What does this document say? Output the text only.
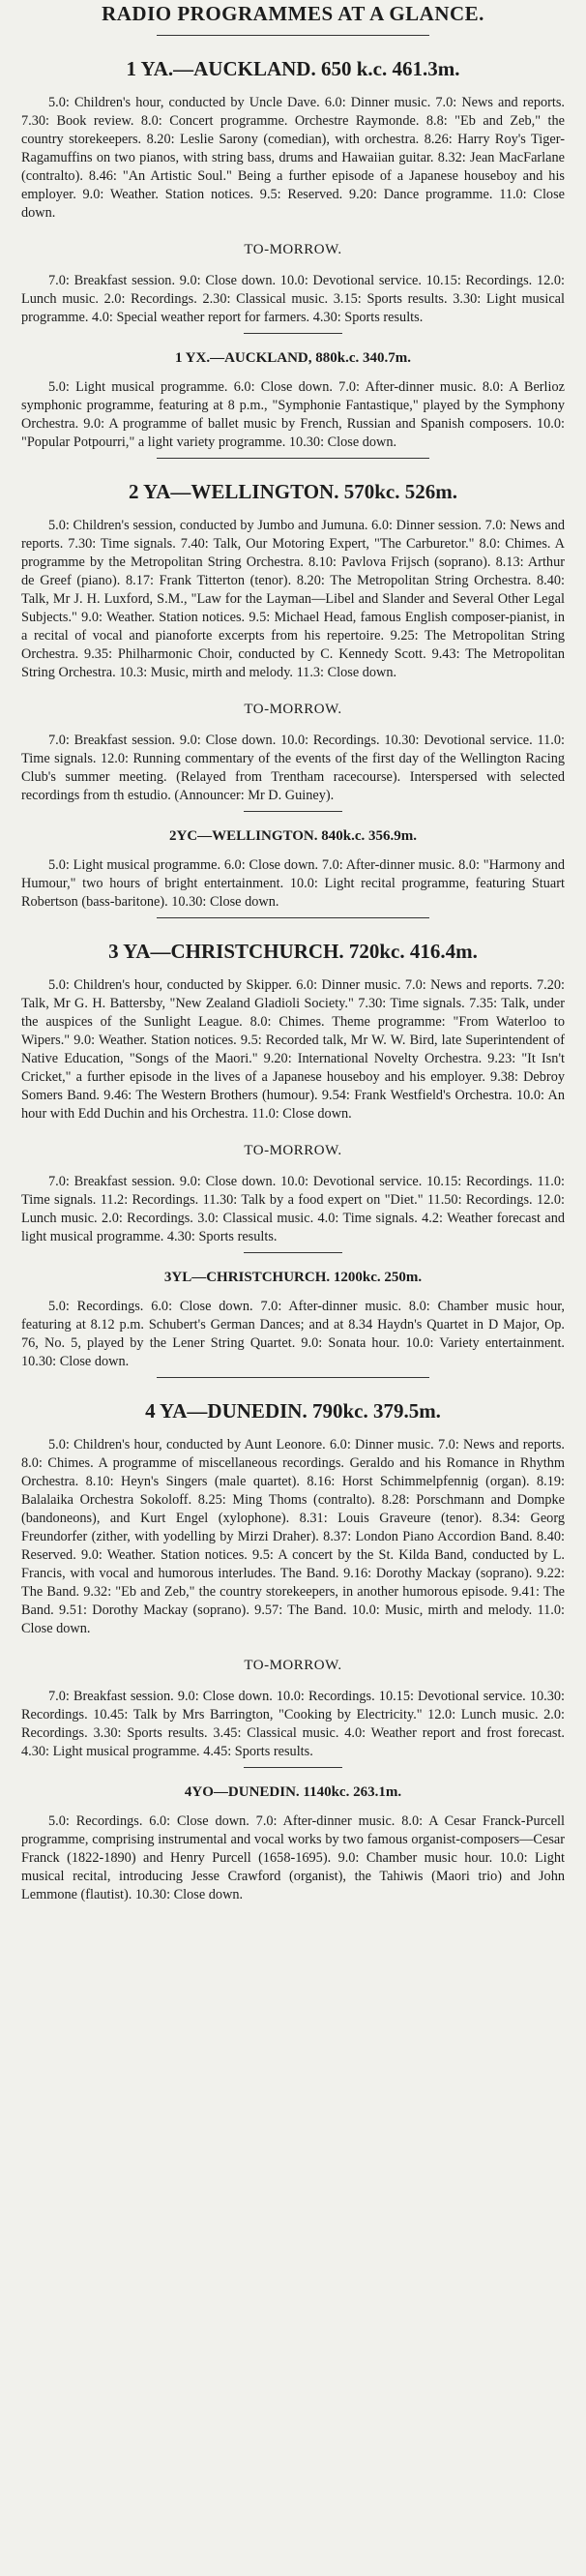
RADIO PROGRAMMES AT A GLANCE.
1 YA.—AUCKLAND. 650 k.c. 461.3m.

5.0: Children's hour, conducted by Uncle Dave. 6.0: Dinner music. 7.0: News and reports. 7.30: Book review. 8.0: Concert programme. Orchestre Raymonde. 8.8: "Eb and Zeb," the country storekeepers. 8.20: Leslie Sarony (comedian), with orchestra. 8.26: Harry Roy's Tiger-Ragamuffins on two pianos, with string bass, drums and Hawaiian guitar. 8.32: Jean MacFarlane (contralto). 8.46: "An Artistic Soul." Being a further episode of a Japanese houseboy and his employer. 9.0: Weather. Station notices. 9.5: Reserved. 9.20: Dance programme. 11.0: Close down.

TO-MORROW.

7.0: Breakfast session. 9.0: Close down. 10.0: Devotional service. 10.15: Recordings. 12.0: Lunch music. 2.0: Recordings. 2.30: Classical music. 3.15: Sports results. 3.30: Light musical programme. 4.0: Special weather report for farmers. 4.30: Sports results.

1 YX.—AUCKLAND, 880k.c. 340.7m.

5.0: Light musical programme. 6.0: Close down. 7.0: After-dinner music. 8.0: A Berlioz symphonic programme, featuring at 8 p.m., "Symphonie Fantastique," played by the Symphony Orchestra. 9.0: A programme of ballet music by French, Russian and Spanish composers. 10.0: "Popular Potpourri," a light variety programme. 10.30: Close down.

2 YA—WELLINGTON. 570kc. 526m.

5.0: Children's session, conducted by Jumbo and Jumuna. 6.0: Dinner session. 7.0: News and reports. 7.30: Time signals. 7.40: Talk, Our Motoring Expert, "The Carburetor." 8.0: Chimes. A programme by the Metropolitan String Orchestra. 8.10: Pavlova Frijsch (soprano). 8.13: Arthur de Greef (piano). 8.17: Frank Titterton (tenor). 8.20: The Metropolitan String Orchestra. 8.40: Talk, Mr J. H. Luxford, S.M., "Law for the Layman—Libel and Slander and Several Other Legal Subjects." 9.0: Weather. Station notices. 9.5: Michael Head, famous English composer-pianist, in a recital of vocal and pianoforte excerpts from his repertoire. 9.25: The Metropolitan String Orchestra. 9.35: Philharmonic Choir, conducted by C. Kennedy Scott. 9.43: The Metropolitan String Orchestra. 10.3: Music, mirth and melody. 11.3: Close down.

TO-MORROW.

7.0: Breakfast session. 9.0: Close down. 10.0: Recordings. 10.30: Devotional service. 11.0: Time signals. 12.0: Running commentary of the events of the first day of the Wellington Racing Club's summer meeting. (Relayed from Trentham racecourse). Interspersed with selected recordings from th estudio. (Announcer: Mr D. Guiney).

2YC—WELLINGTON. 840k.c. 356.9m.

5.0: Light musical programme. 6.0: Close down. 7.0: After-dinner music. 8.0: "Harmony and Humour," two hours of bright entertainment. 10.0: Light recital programme, featuring Stuart Robertson (bass-baritone). 10.30: Close down.

3 YA—CHRISTCHURCH. 720kc. 416.4m.

5.0: Children's hour, conducted by Skipper. 6.0: Dinner music. 7.0: News and reports. 7.20: Talk, Mr G. H. Battersby, "New Zealand Gladioli Society." 7.30: Time signals. 7.35: Talk, under the auspices of the Sunlight League. 8.0: Chimes. Theme programme: "From Waterloo to Wipers." 9.0: Weather. Station notices. 9.5: Recorded talk, Mr W. W. Bird, late Superintendent of Native Education, "Songs of the Maori." 9.20: International Novelty Orchestra. 9.23: "It Isn't Cricket," a further episode in the lives of a Japanese houseboy and his employer. 9.38: Debroy Somers Band. 9.46: The Western Brothers (humour). 9.54: Frank Westfield's Orchestra. 10.0: An hour with Edd Duchin and his Orchestra. 11.0: Close down.

TO-MORROW.

7.0: Breakfast session. 9.0: Close down. 10.0: Devotional service. 10.15: Recordings. 11.0: Time signals. 11.2: Recordings. 11.30: Talk by a food expert on "Diet." 11.50: Recordings. 12.0: Lunch music. 2.0: Recordings. 3.0: Classical music. 4.0: Time signals. 4.2: Weather forecast and light musical programme. 4.30: Sports results.

3YL—CHRISTCHURCH. 1200kc. 250m.

5.0: Recordings. 6.0: Close down. 7.0: After-dinner music. 8.0: Chamber music hour, featuring at 8.12 p.m. Schubert's German Dances; and at 8.34 Haydn's Quartet in D Major, Op. 76, No. 5, played by the Lener String Quartet. 9.0: Sonata hour. 10.0: Variety entertainment. 10.30: Close down.

4 YA—DUNEDIN. 790kc. 379.5m.

5.0: Children's hour, conducted by Aunt Leonore. 6.0: Dinner music. 7.0: News and reports. 8.0: Chimes. A programme of miscellaneous recordings. Geraldo and his Romance in Rhythm Orchestra. 8.10: Heyn's Singers (male quartet). 8.16: Horst Schimmelpfennig (organ). 8.19: Balalaika Orchestra Sokoloff. 8.25: Ming Thoms (contralto). 8.28: Porschmann and Dompke (bandoneons), and Kurt Engel (xylophone). 8.31: Louis Graveure (tenor). 8.34: Georg Freundorfer (zither, with yodelling by Mirzi Draher). 8.37: London Piano Accordion Band. 8.40: Reserved. 9.0: Weather. Station notices. 9.5: A concert by the St. Kilda Band, conducted by L. Francis, with vocal and humorous interludes. The Band. 9.16: Dorothy Mackay (soprano). 9.22: The Band. 9.32: "Eb and Zeb," the country storekeepers, in another humorous episode. 9.41: The Band. 9.51: Dorothy Mackay (soprano). 9.57: The Band. 10.0: Music, mirth and melody. 11.0: Close down.

TO-MORROW.

7.0: Breakfast session. 9.0: Close down. 10.0: Recordings. 10.15: Devotional service. 10.30: Recordings. 10.45: Talk by Mrs Barrington, "Cooking by Electricity." 12.0: Lunch music. 2.0: Recordings. 3.30: Sports results. 3.45: Classical music. 4.0: Weather report and frost forecast. 4.30: Light musical programme. 4.45: Sports results.

4YO—DUNEDIN. 1140kc. 263.1m.

5.0: Recordings. 6.0: Close down. 7.0: After-dinner music. 8.0: A Cesar Franck-Purcell programme, comprising instrumental and vocal works by two famous organist-composers—Cesar Franck (1822-1890) and Henry Purcell (1658-1695). 9.0: Chamber music hour. 10.0: Light musical recital, introducing Jesse Crawford (organist), the Tahiwis (Maori trio) and John Lemmone (flautist). 10.30: Close down.
